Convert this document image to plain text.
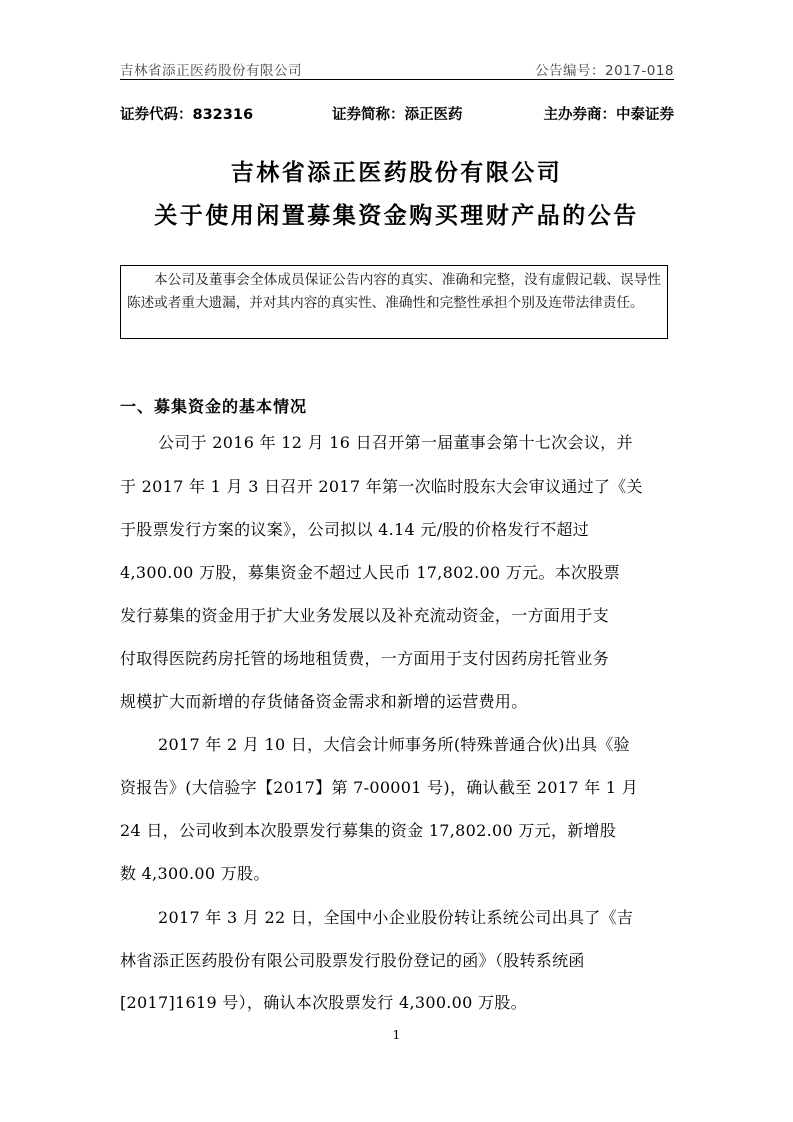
吉林省添正医药股份有限公司	公告编号：2017-018
证券代码：832316	证券简称：添正医药	主办券商：中泰证券
吉林省添正医药股份有限公司
关于使用闲置募集资金购买理财产品的公告

本公司及董事会全体成员保证公告内容的真实、准确和完整，没有虚假记载、误导性陈述或者重大遗漏，并对其内容的真实性、准确性和完整性承担个别及连带法律责任。

一、募集资金的基本情况
公司于 2016 年 12 月 16 日召开第一届董事会第十七次会议，并
于 2017 年 1 月 3 日召开 2017 年第一次临时股东大会审议通过了《关
于股票发行方案的议案》，公司拟以 4.14 元/股的价格发行不超过
4,300.00 万股，募集资金不超过人民币 17,802.00 万元。本次股票
发行募集的资金用于扩大业务发展以及补充流动资金，一方面用于支
付取得医院药房托管的场地租赁费，一方面用于支付因药房托管业务
规模扩大而新增的存货储备资金需求和新增的运营费用。
2017 年 2 月 10 日，大信会计师事务所(特殊普通合伙)出具《验
资报告》(大信验字【2017】第 7-00001 号)，确认截至 2017 年 1 月
24 日，公司收到本次股票发行募集的资金 17,802.00 万元，新增股
数 4,300.00 万股。
2017 年 3 月 22 日，全国中小企业股份转让系统公司出具了《吉
林省添正医药股份有限公司股票发行股份登记的函》（股转系统函
[2017]1619 号），确认本次股票发行 4,300.00 万股。
1
